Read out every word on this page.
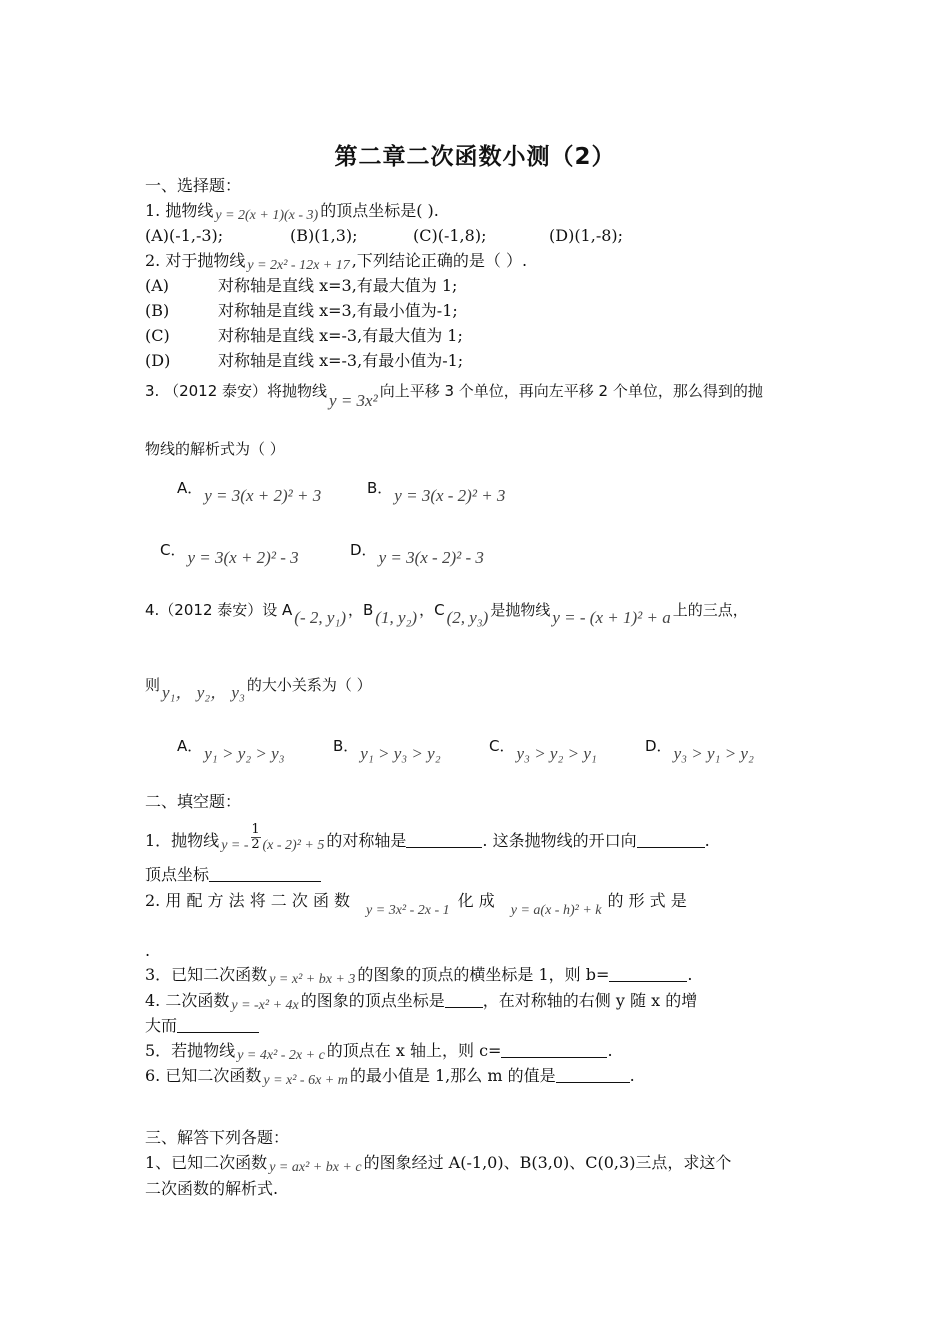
第二章二次函数小测（2）
一、选择题：
1. 抛物线 y = 2(x + 1)(x - 3) 的顶点坐标是( ).
(A)(-1,-3);	(B)(1,3);	(C)(-1,8);	(D)(1,-8);
2. 对于抛物线 y = 2x² - 12x + 17 ,下列结论正确的是（ ）.
(A)	对称轴是直线 x=3,有最大值为 1;
(B)	对称轴是直线 x=3,有最小值为-1;
(C)	对称轴是直线 x=-3,有最大值为 1;
(D)	对称轴是直线 x=-3,有最小值为-1;
3. （2012 泰安）将抛物线 y = 3x² 向上平移 3 个单位，再向左平移 2 个单位，那么得到的抛
物线的解析式为（ ）
A． y = 3(x + 2)² + 3	B． y = 3(x - 2)² + 3
C． y = 3(x + 2)² - 3	D． y = 3(x - 2)² - 3
4.（2012 泰安）设 A (- 2, y₁) ，B (1, y₂) ，C (2, y₃) 是抛物线 y = - (x + 1)² + a 上的三点，
则 y₁， y₂， y₃ 的大小关系为（ ）
A． y₁ > y₂ > y₃	B． y₁ > y₃ > y₂	C． y₃ > y₂ > y₁	D． y₃ > y₁ > y₂
二、填空题：
1．抛物线 y = - $\frac{1}{2} (x - 2)^2 + 5$ 的对称轴是	. 这条抛物线的开口向	.
顶点坐标
2. 用 配 方 法 将 二 次 函 数y = 3x² - 2x - 1化 成y = a(x - h)² + k的 形 式 是
.
3．已知二次函数 y = x² + bx + 3 的图象的顶点的横坐标是 1，则 b=	.
4. 二次函数 y = -x² + 4x 的图象的顶点坐标是 ，在对称轴的右侧 y 随 x 的增
大而
5．若抛物线 y = 4x² - 2x + c 的顶点在 x 轴上，则 c=	.
6. 已知二次函数 y = x² - 6x + m 的最小值是 1,那么 m 的值是	.
三、解答下列各题：
1、已知二次函数 y = ax² + bx + c 的图象经过 A(-1,0)、B(3,0)、C(0,3)三点，求这个
二次函数的解析式.
